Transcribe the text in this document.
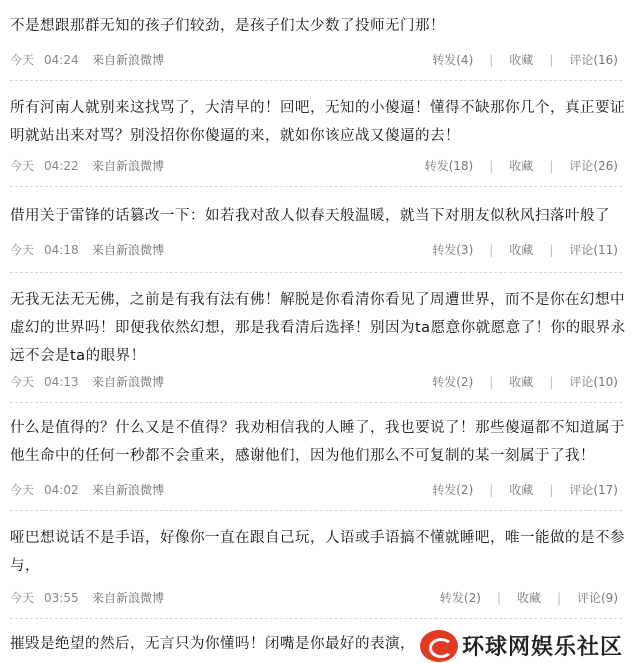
不是想跟那群无知的孩子们较劲，是孩子们太少数了投师无门那！
今天 04:24	来自新浪微博	转发(4) | 收藏 | 评论(16)
所有河南人就别来这找骂了，大清早的！回吧，无知的小傻逼！懂得不缺那你几个，真正要证明就站出来对骂？别没招你你傻逼的来，就如你该应战又傻逼的去！
今天 04:22	来自新浪微博	转发(18) | 收藏 | 评论(26)
借用关于雷锋的话篡改一下：如若我对敌人似春天般温暖，就当下对朋友似秋风扫落叶般了
今天 04:18	来自新浪微博	转发(3) | 收藏 | 评论(11)
无我无法无无佛，之前是有我有法有佛！解脱是你看清你看见了周遭世界，而不是你在幻想中虚幻的世界吗！即便我依然幻想，那是我看清后选择！别因为ta愿意你就愿意了！你的眼界永远不会是ta的眼界！
今天 04:13	来自新浪微博	转发(2) | 收藏 | 评论(10)
什么是值得的？什么又是不值得？我劝相信我的人睡了，我也要说了！那些傻逼都不知道属于他生命中的任何一秒都不会重来，感谢他们，因为他们那么不可复制的某一刻属于了我！
今天 04:02	来自新浪微博	转发(2) | 收藏 | 评论(17)
哑巴想说话不是手语，好像你一直在跟自己玩，人语或手语搞不懂就睡吧，唯一能做的是不参与，
今天 03:55	来自新浪微博	转发(2) | 收藏 | 评论(9)
摧毁是绝望的然后，无言只为你懂吗！闭嘴是你最好的表演，	环球网娱乐社区
